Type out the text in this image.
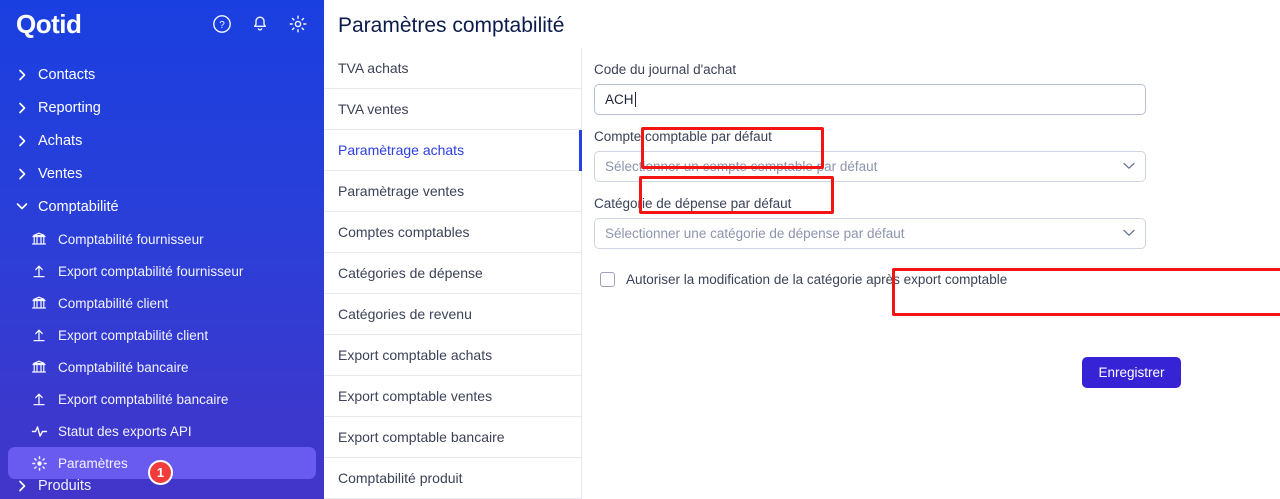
Qotid	?
Contacts
Reporting
Achats
Ventes
Comptabilité
Comptabilité fournisseur
Export comptabilité fournisseur
Comptabilité client
Export comptabilité client
Comptabilité bancaire
Export comptabilité bancaire
Statut des exports API
Paramètres
Produits
1
Paramètres comptabilité
TVA achats
TVA ventes
Paramètrage achats
Paramètrage ventes
Comptes comptables
Catégories de dépense
Catégories de revenu
Export comptable achats
Export comptable ventes
Export comptable bancaire
Comptabilité produit
Code du journal d'achat
ACH
Compte comptable par défaut
Sélectionner un compte comptable par défaut
Catégorie de dépense par défaut
Sélectionner une catégorie de dépense par défaut
Autoriser la modification de la catégorie après export comptable
Enregistrer
